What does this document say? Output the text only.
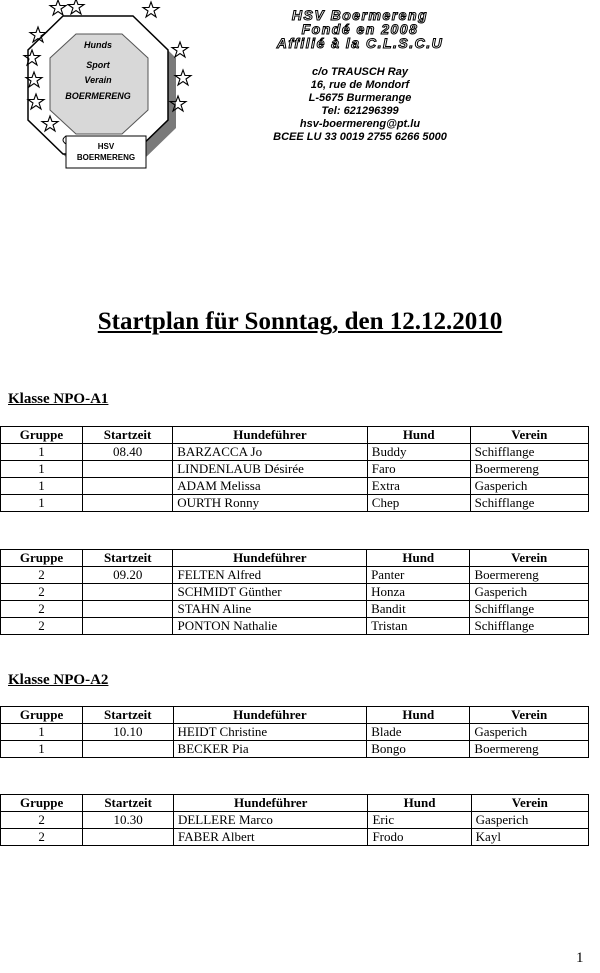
Hunds
Sport
Verain
BOERMERENG
HSV
BOERMERENG
HSV Boermereng
Fondé en 2008
Affilié à la C.L.S.C.U
c/o TRAUSCH Ray
16, rue de Mondorf
L-5675 Burmerange
Tel: 621296399
hsv-boermereng@pt.lu
BCEE LU 33 0019 2755 6266 5000
Startplan für Sonntag, den 12.12.2010
Klasse NPO-A1
Gruppe	Startzeit	Hundeführer	Hund	Verein
1	08.40	BARZACCA Jo	Buddy	Schifflange
1		LINDENLAUB Désirée	Faro	Boermereng
1		ADAM Melissa	Extra	Gasperich
1		OURTH Ronny	Chep	Schifflange
Gruppe	Startzeit	Hundeführer	Hund	Verein
2	09.20	FELTEN Alfred	Panter	Boermereng
2		SCHMIDT Günther	Honza	Gasperich
2		STAHN Aline	Bandit	Schifflange
2		PONTON Nathalie	Tristan	Schifflange
Klasse NPO-A2
Gruppe	Startzeit	Hundeführer	Hund	Verein
1	10.10	HEIDT Christine	Blade	Gasperich
1		BECKER Pia	Bongo	Boermereng
Gruppe	Startzeit	Hundeführer	Hund	Verein
2	10.30	DELLERE Marco	Eric	Gasperich
2		FABER Albert	Frodo	Kayl
1
